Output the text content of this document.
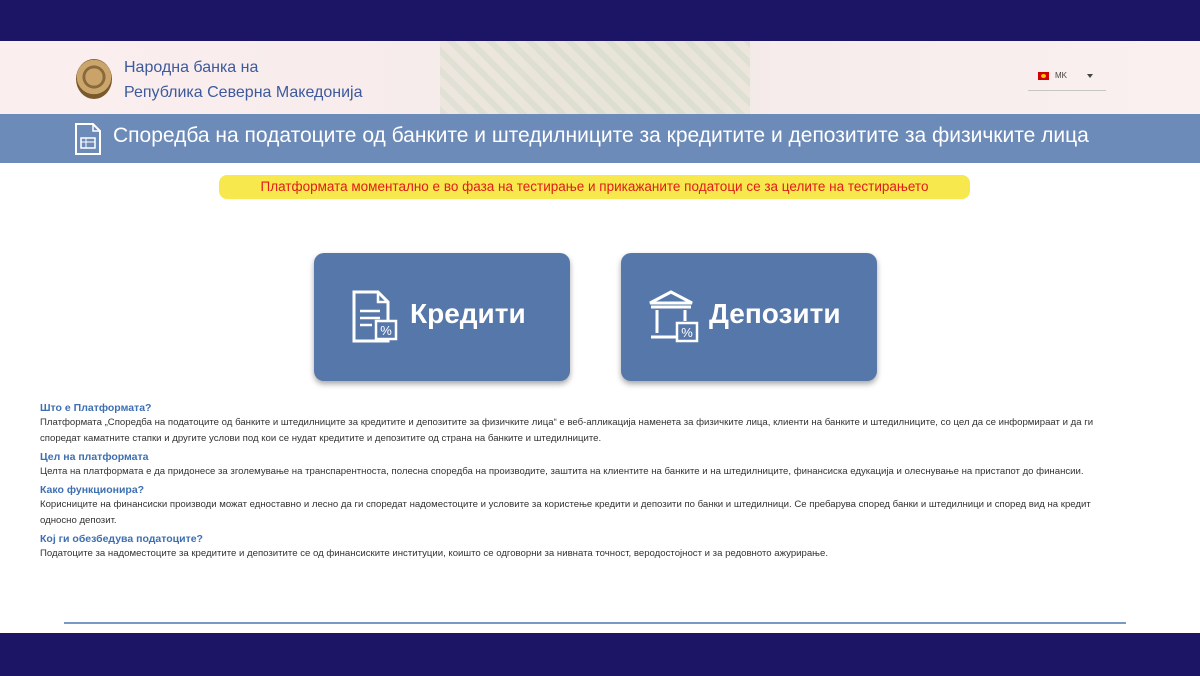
Народна банка на
Република Северна Македонија
MK
Споредба на податоците од банките и штедилниците за кредитите и депозитите за физичките лица
Платформата моментално е во фаза на тестирање и прикажаните податоци се за целите на тестирањето
%
Кредити
%
Депозити
Што е Платформата?
Платформата „Споредба на податоците од банките и штедилниците за кредитите и депозитите за физичките лица“ е веб-апликација наменета за физичките лица, клиенти на банките и штедилниците, со цел да се информираат и да ги споредат каматните стапки и другите услови под кои се нудат кредитите и депозитите од страна на банките и штедилниците.
Цел на платформата
Целта на платформата е да придонесе за зголемување на транспарентноста, полесна споредба на производите, заштита на клиентите на банките и на штедилниците, финансиска едукација и олеснување на пристапот до финансии.
Како функционира?
Корисниците на финансиски производи можат едноставно и лесно да ги споредат надоместоците и условите за користење кредити и депозити по банки и штедилници. Се пребарува според банки и штедилници и според вид на кредит односно депозит.
Кој ги обезбедува податоците?
Податоците за надоместоците за кредитите и депозитите се од финансиските институции, коишто се одговорни за нивната точност, веродостојност и за редовното ажурирање.
